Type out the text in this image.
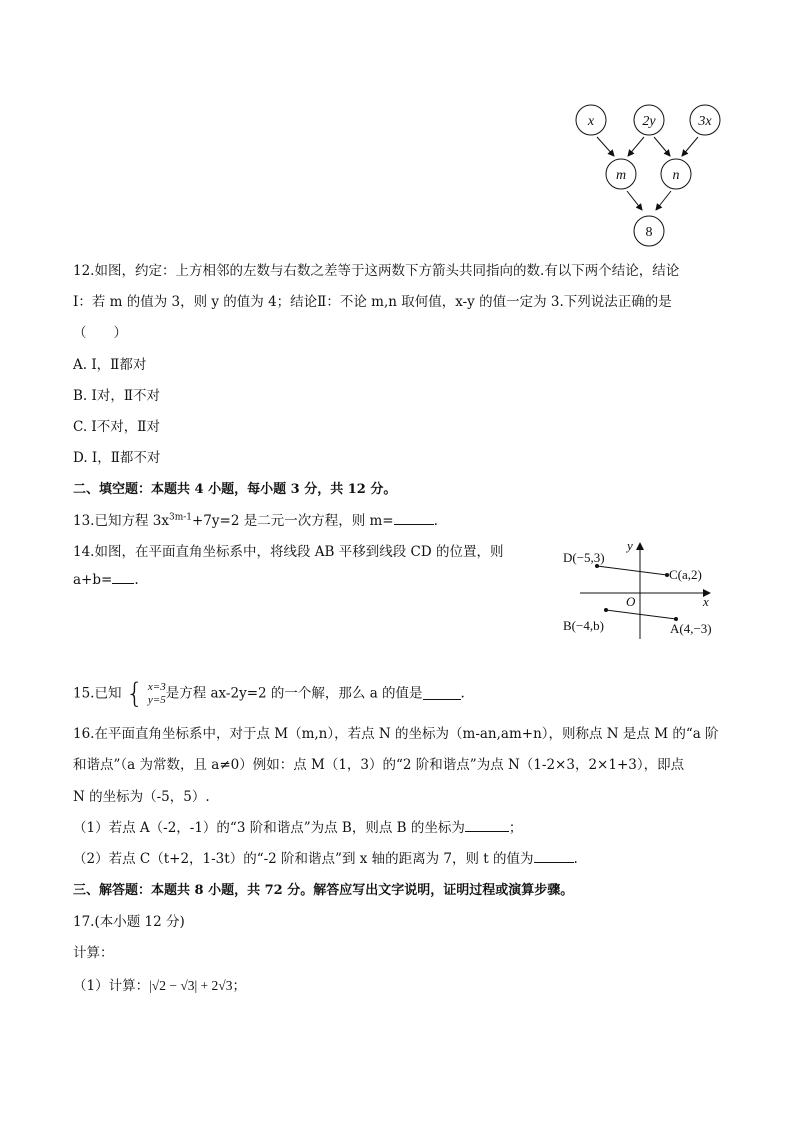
x	2y	3x
m	n
8
12.如图，约定：上方相邻的左数与右数之差等于这两数下方箭头共同指向的数.有以下两个结论，结论
Ⅰ：若 m 的值为 3，则 y 的值为 4；结论Ⅱ：不论 m,n 取何值，x-y 的值一定为 3.下列说法正确的是
（　　）
A. Ⅰ，Ⅱ都对
B. Ⅰ对，Ⅱ不对
C. Ⅰ不对，Ⅱ对
D. Ⅰ，Ⅱ都不对
二、填空题：本题共 4 小题，每小题 3 分，共 12 分。
13.已知方程 $3x^{3m-1}+7y=2$ 是二元一次方程，则 m=	.
14.如图，在平面直角坐标系中，将线段 AB 平移到线段 CD 的位置，则
a+b= .
D(−5,3)
C(a,2)
B(−4,b)	A(4,−3)
O	x
y
15.已知 { x=3
y=5 是方程 ax-2y=2 的一个解，那么 a 的值是	.
16.在平面直角坐标系中，对于点 M（m,n），若点 N 的坐标为（m-an,am+n），则称点 N 是点 M 的“a 阶
和谐点”（a 为常数，且 a≠0）例如：点 M（1，3）的“2 阶和谐点”为点 N（1-2×3，2×1+3），即点
N 的坐标为（-5，5）.
（1）若点 A（-2，-1）的“3 阶和谐点”为点 B，则点 B 的坐标为	；
（2）若点 C（t+2，1-3t）的“-2 阶和谐点”到 x 轴的距离为 7，则 t 的值为	.
三、解答题：本题共 8 小题，共 72 分。解答应写出文字说明，证明过程或演算步骤。
17.(本小题 12 分)
计算：
（1）计算：|√2 − √3| + 2√3；
